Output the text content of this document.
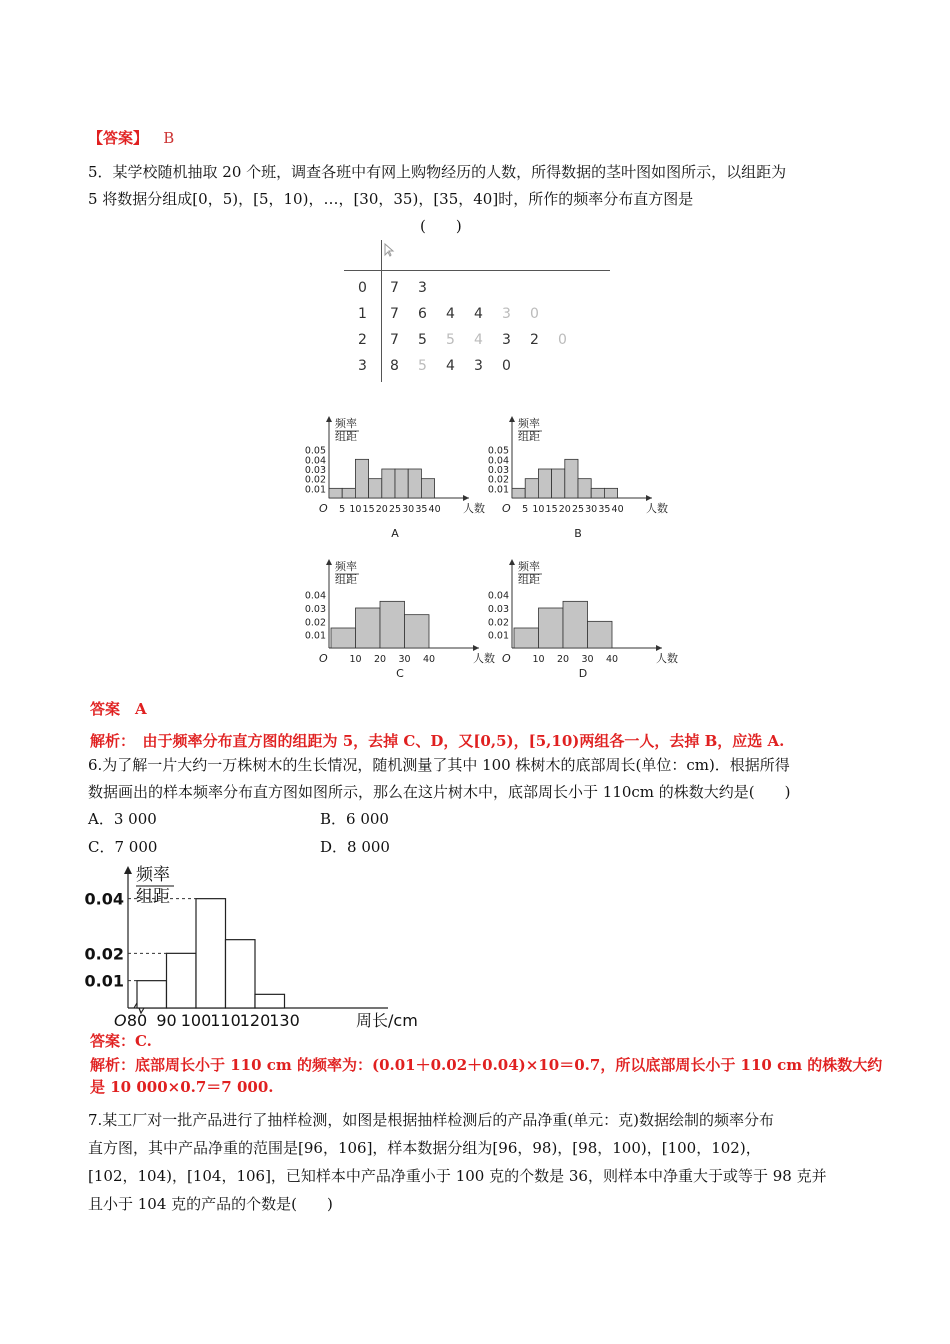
【答案】 B
5．某学校随机抽取 20 个班，调查各班中有网上购物经历的人数，所得数据的茎叶图如图所示，以组距为
5 将数据分组成[0，5)，[5，10)，…，[30，35)，[35，40]时，所作的频率分布直方图是
(　　)
0 7 3
1 7 6 4 4 3 0
2 7 5 5 4 3 2 0
3 8 5 4 3 0
频率
组距
0.01
0.02
0.03
0.04
0.05
5 10 15 20 25 30 35 40
O	人数
A
频率
组距
0.01
0.02
0.03
0.04
0.05
5 10 15 20 25 30 35 40
O	人数
B
频率
组距
0.01
0.02
0.03
0.04
10 20 30 40
O	人数
C
频率
组距
0.01
0.02
0.03
0.04
10 20 30 40
O	人数
D
答案　A
解析：　由于频率分布直方图的组距为 5，去掉 C、D，又[0,5)，[5,10)两组各一人，去掉 B，应选 A.
6.为了解一片大约一万株树木的生长情况，随机测量了其中 100 株树木的底部周长(单位：cm)．根据所得
数据画出的样本频率分布直方图如图所示，那么在这片树木中，底部周长小于 110cm 的株数大约是(　　)
A．3 000	B．6 000
C．7 000	D．8 000
频率
组距
0.01
0.02
0.04
80 90 100
110
120
130
O	周长/cm
答案：C.
解析：底部周长小于 110 cm 的频率为：(0.01＋0.02＋0.04)×10＝0.7，所以底部周长小于 110 cm 的株数大约
是 10 000×0.7＝7 000.
7.某工厂对一批产品进行了抽样检测，如图是根据抽样检测后的产品净重(单元：克)数据绘制的频率分布
直方图，其中产品净重的范围是[96，106]，样本数据分组为[96，98)，[98，100)，[100，102)，
[102，104)，[104，106]，已知样本中产品净重小于 100 克的个数是 36，则样本中净重大于或等于 98 克并
且小于 104 克的产品的个数是(　　)
